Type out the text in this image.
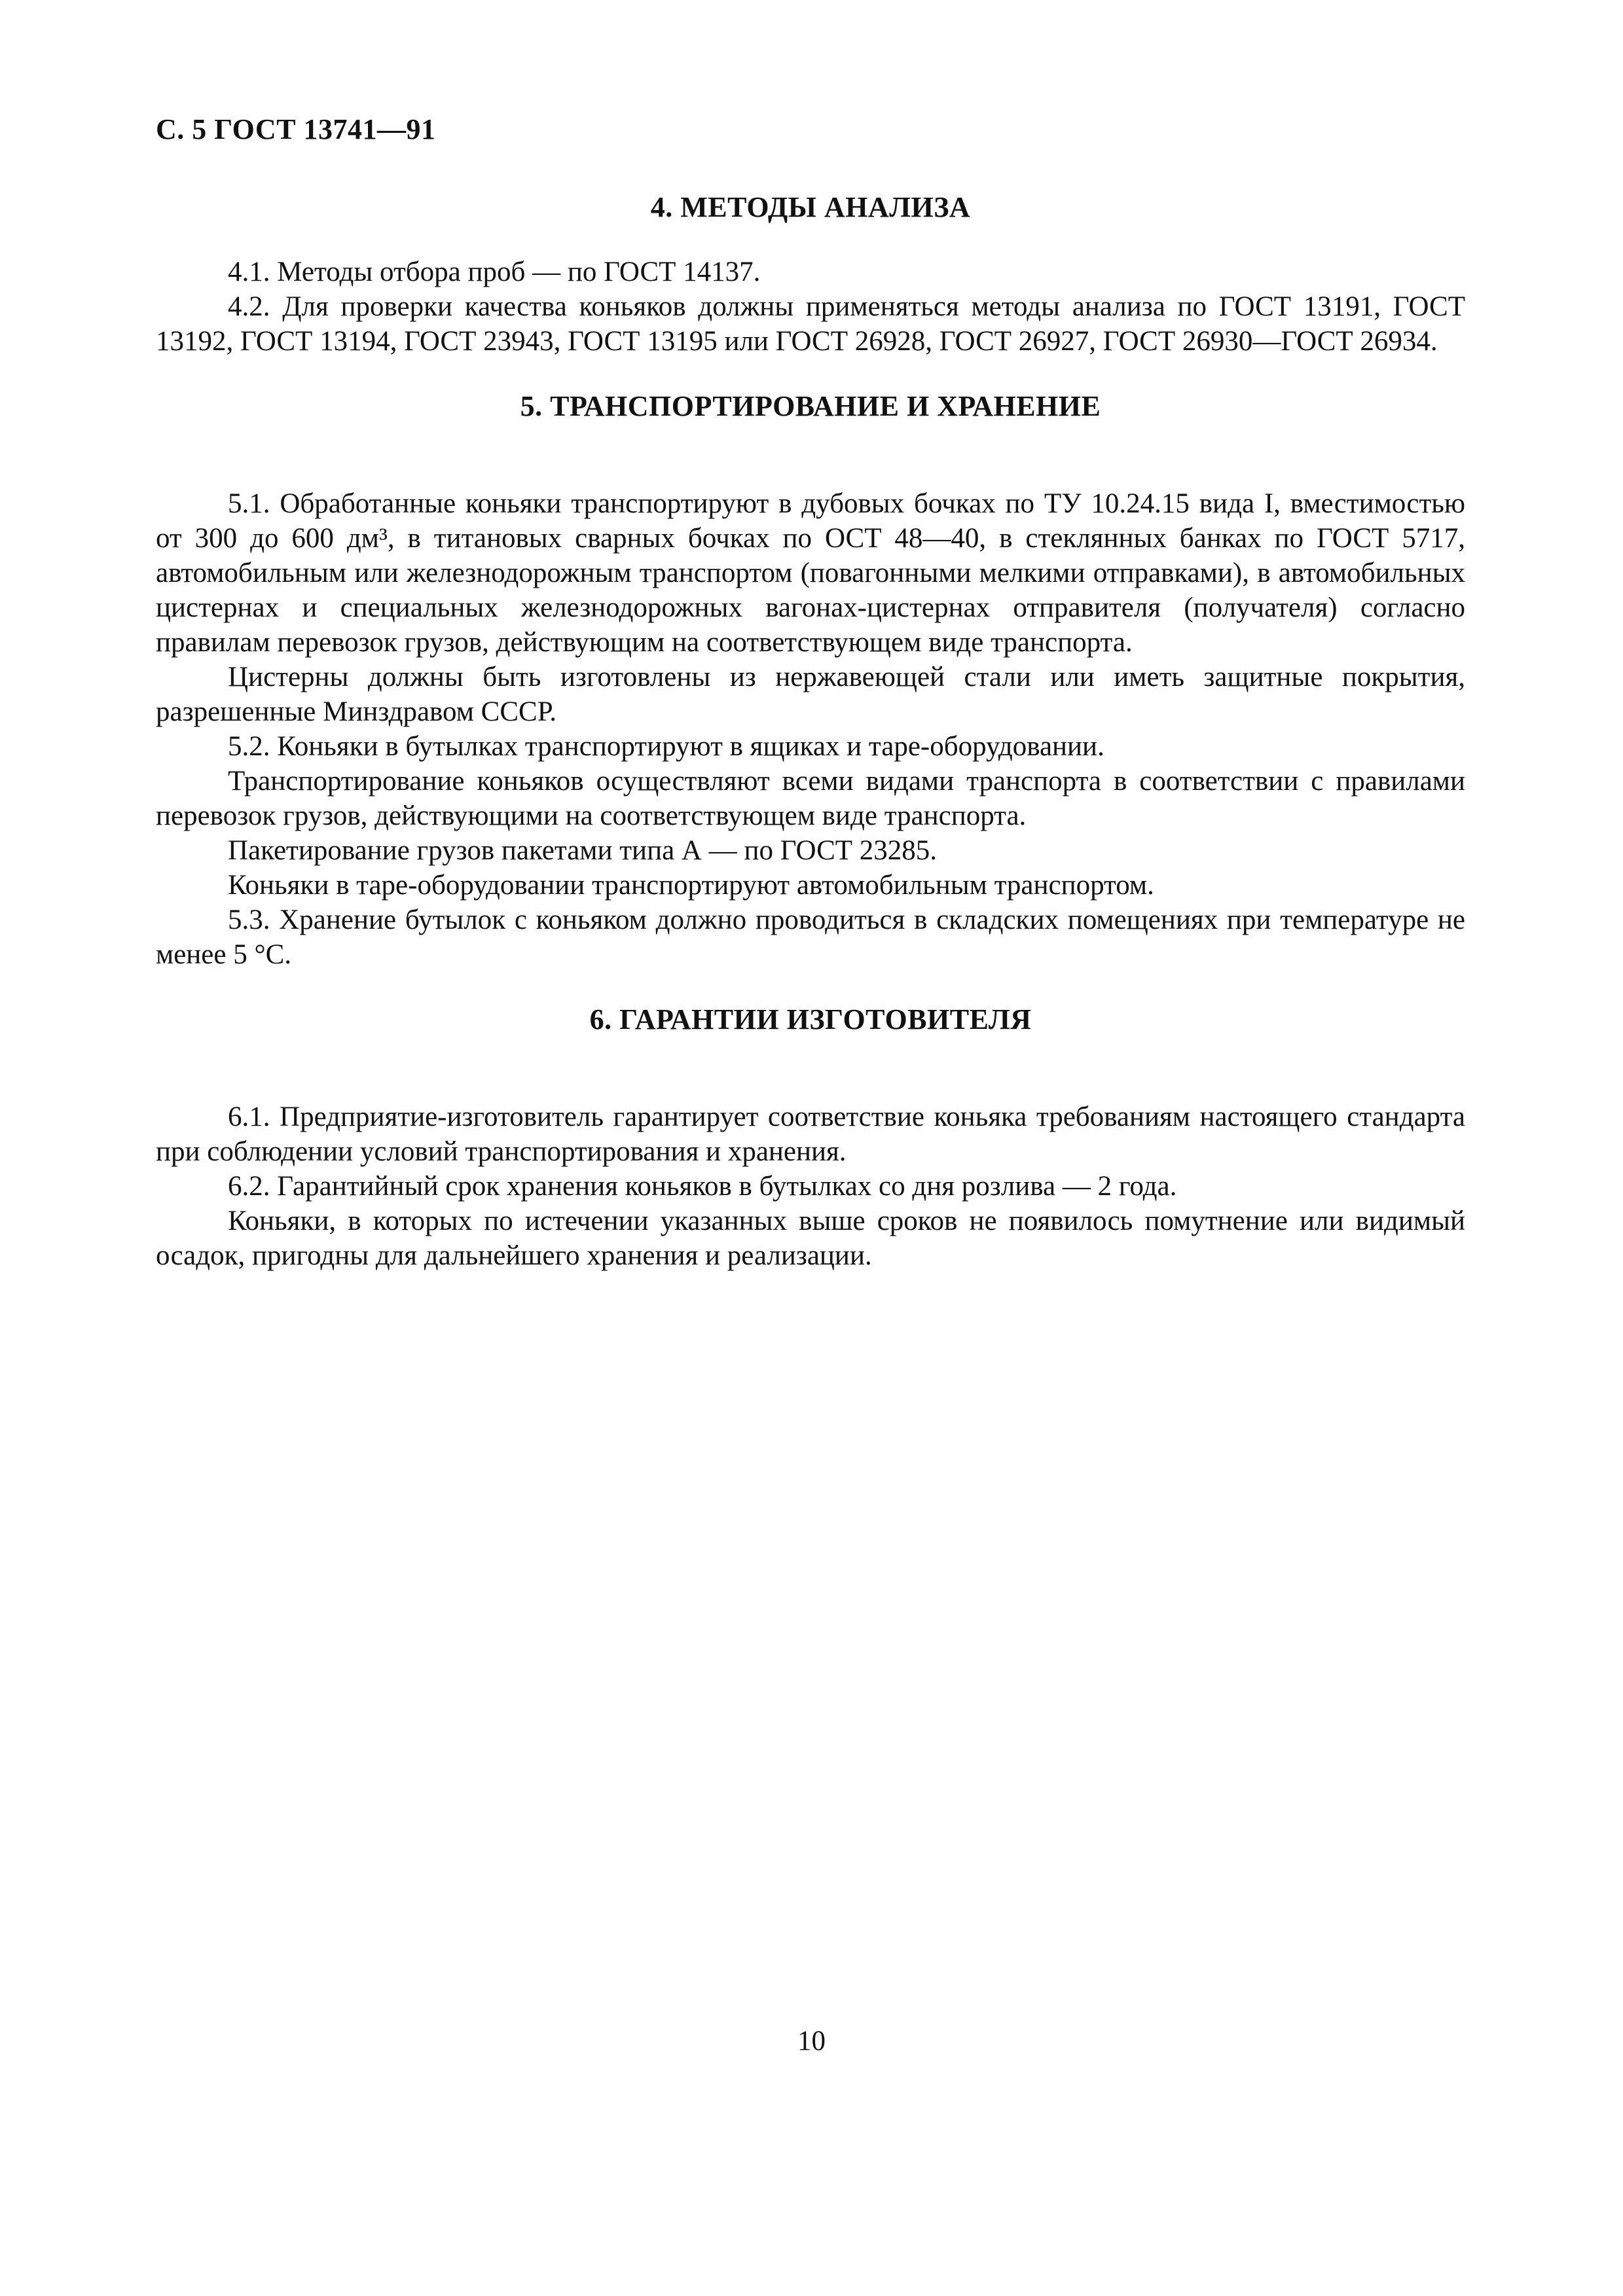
С. 5 ГОСТ 13741—91
4. МЕТОДЫ АНАЛИЗА

4.1. Методы отбора проб — по ГОСТ 14137.

4.2. Для проверки качества коньяков должны применяться методы анализа по ГОСТ 13191, ГОСТ 13192, ГОСТ 13194, ГОСТ 23943, ГОСТ 13195 или ГОСТ 26928, ГОСТ 26927, ГОСТ 26930—ГОСТ 26934.

5. ТРАНСПОРТИРОВАНИЕ И ХРАНЕНИЕ

5.1. Обработанные коньяки транспортируют в дубовых бочках по ТУ 10.24.15 вида I, вместимостью от 300 до 600 дм³, в титановых сварных бочках по ОСТ 48—40, в стеклянных банках по ГОСТ 5717, автомобильным или железнодорожным транспортом (повагонными мелкими отправками), в автомобильных цистернах и специальных железнодорожных вагонах-цистернах отправителя (получателя) согласно правилам перевозок грузов, действующим на соответствующем виде транспорта.

Цистерны должны быть изготовлены из нержавеющей стали или иметь защитные покрытия, разрешенные Минздравом СССР.

5.2. Коньяки в бутылках транспортируют в ящиках и таре-оборудовании.

Транспортирование коньяков осуществляют всеми видами транспорта в соответствии с правилами перевозок грузов, действующими на соответствующем виде транспорта.

Пакетирование грузов пакетами типа А — по ГОСТ 23285.

Коньяки в таре-оборудовании транспортируют автомобильным транспортом.

5.3. Хранение бутылок с коньяком должно проводиться в складских помещениях при температуре не менее 5 °С.

6. ГАРАНТИИ ИЗГОТОВИТЕЛЯ

6.1. Предприятие-изготовитель гарантирует соответствие коньяка требованиям настоящего стандарта при соблюдении условий транспортирования и хранения.

6.2. Гарантийный срок хранения коньяков в бутылках со дня розлива — 2 года.

Коньяки, в которых по истечении указанных выше сроков не появилось помутнение или видимый осадок, пригодны для дальнейшего хранения и реализации.

10
